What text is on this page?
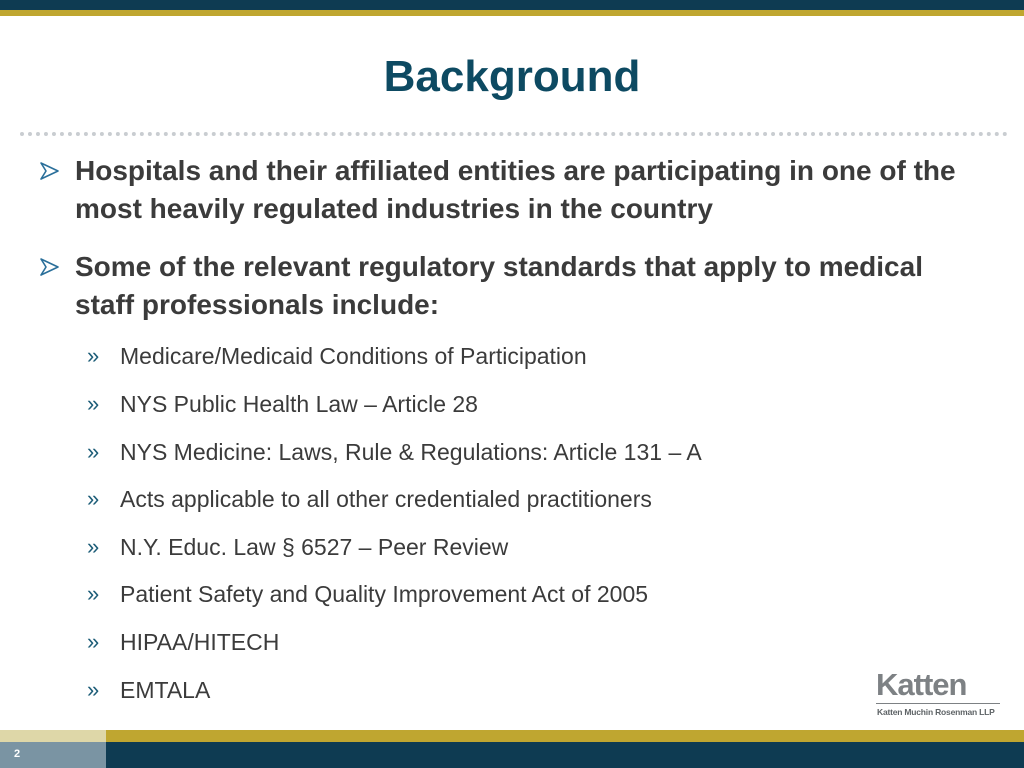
Background
Hospitals and their affiliated entities are participating in one of the most heavily regulated industries in the country
Some of the relevant regulatory standards that apply to medical staff professionals include:
» Medicare/Medicaid Conditions of Participation
» NYS Public Health Law – Article 28
» NYS Medicine: Laws, Rule & Regulations: Article 131 – A
» Acts applicable to all other credentialed practitioners
» N.Y. Educ. Law § 6527 – Peer Review
» Patient Safety and Quality Improvement Act of 2005
» HIPAA/HITECH
» EMTALA	Katten
Katten Muchin Rosenman LLP
2
